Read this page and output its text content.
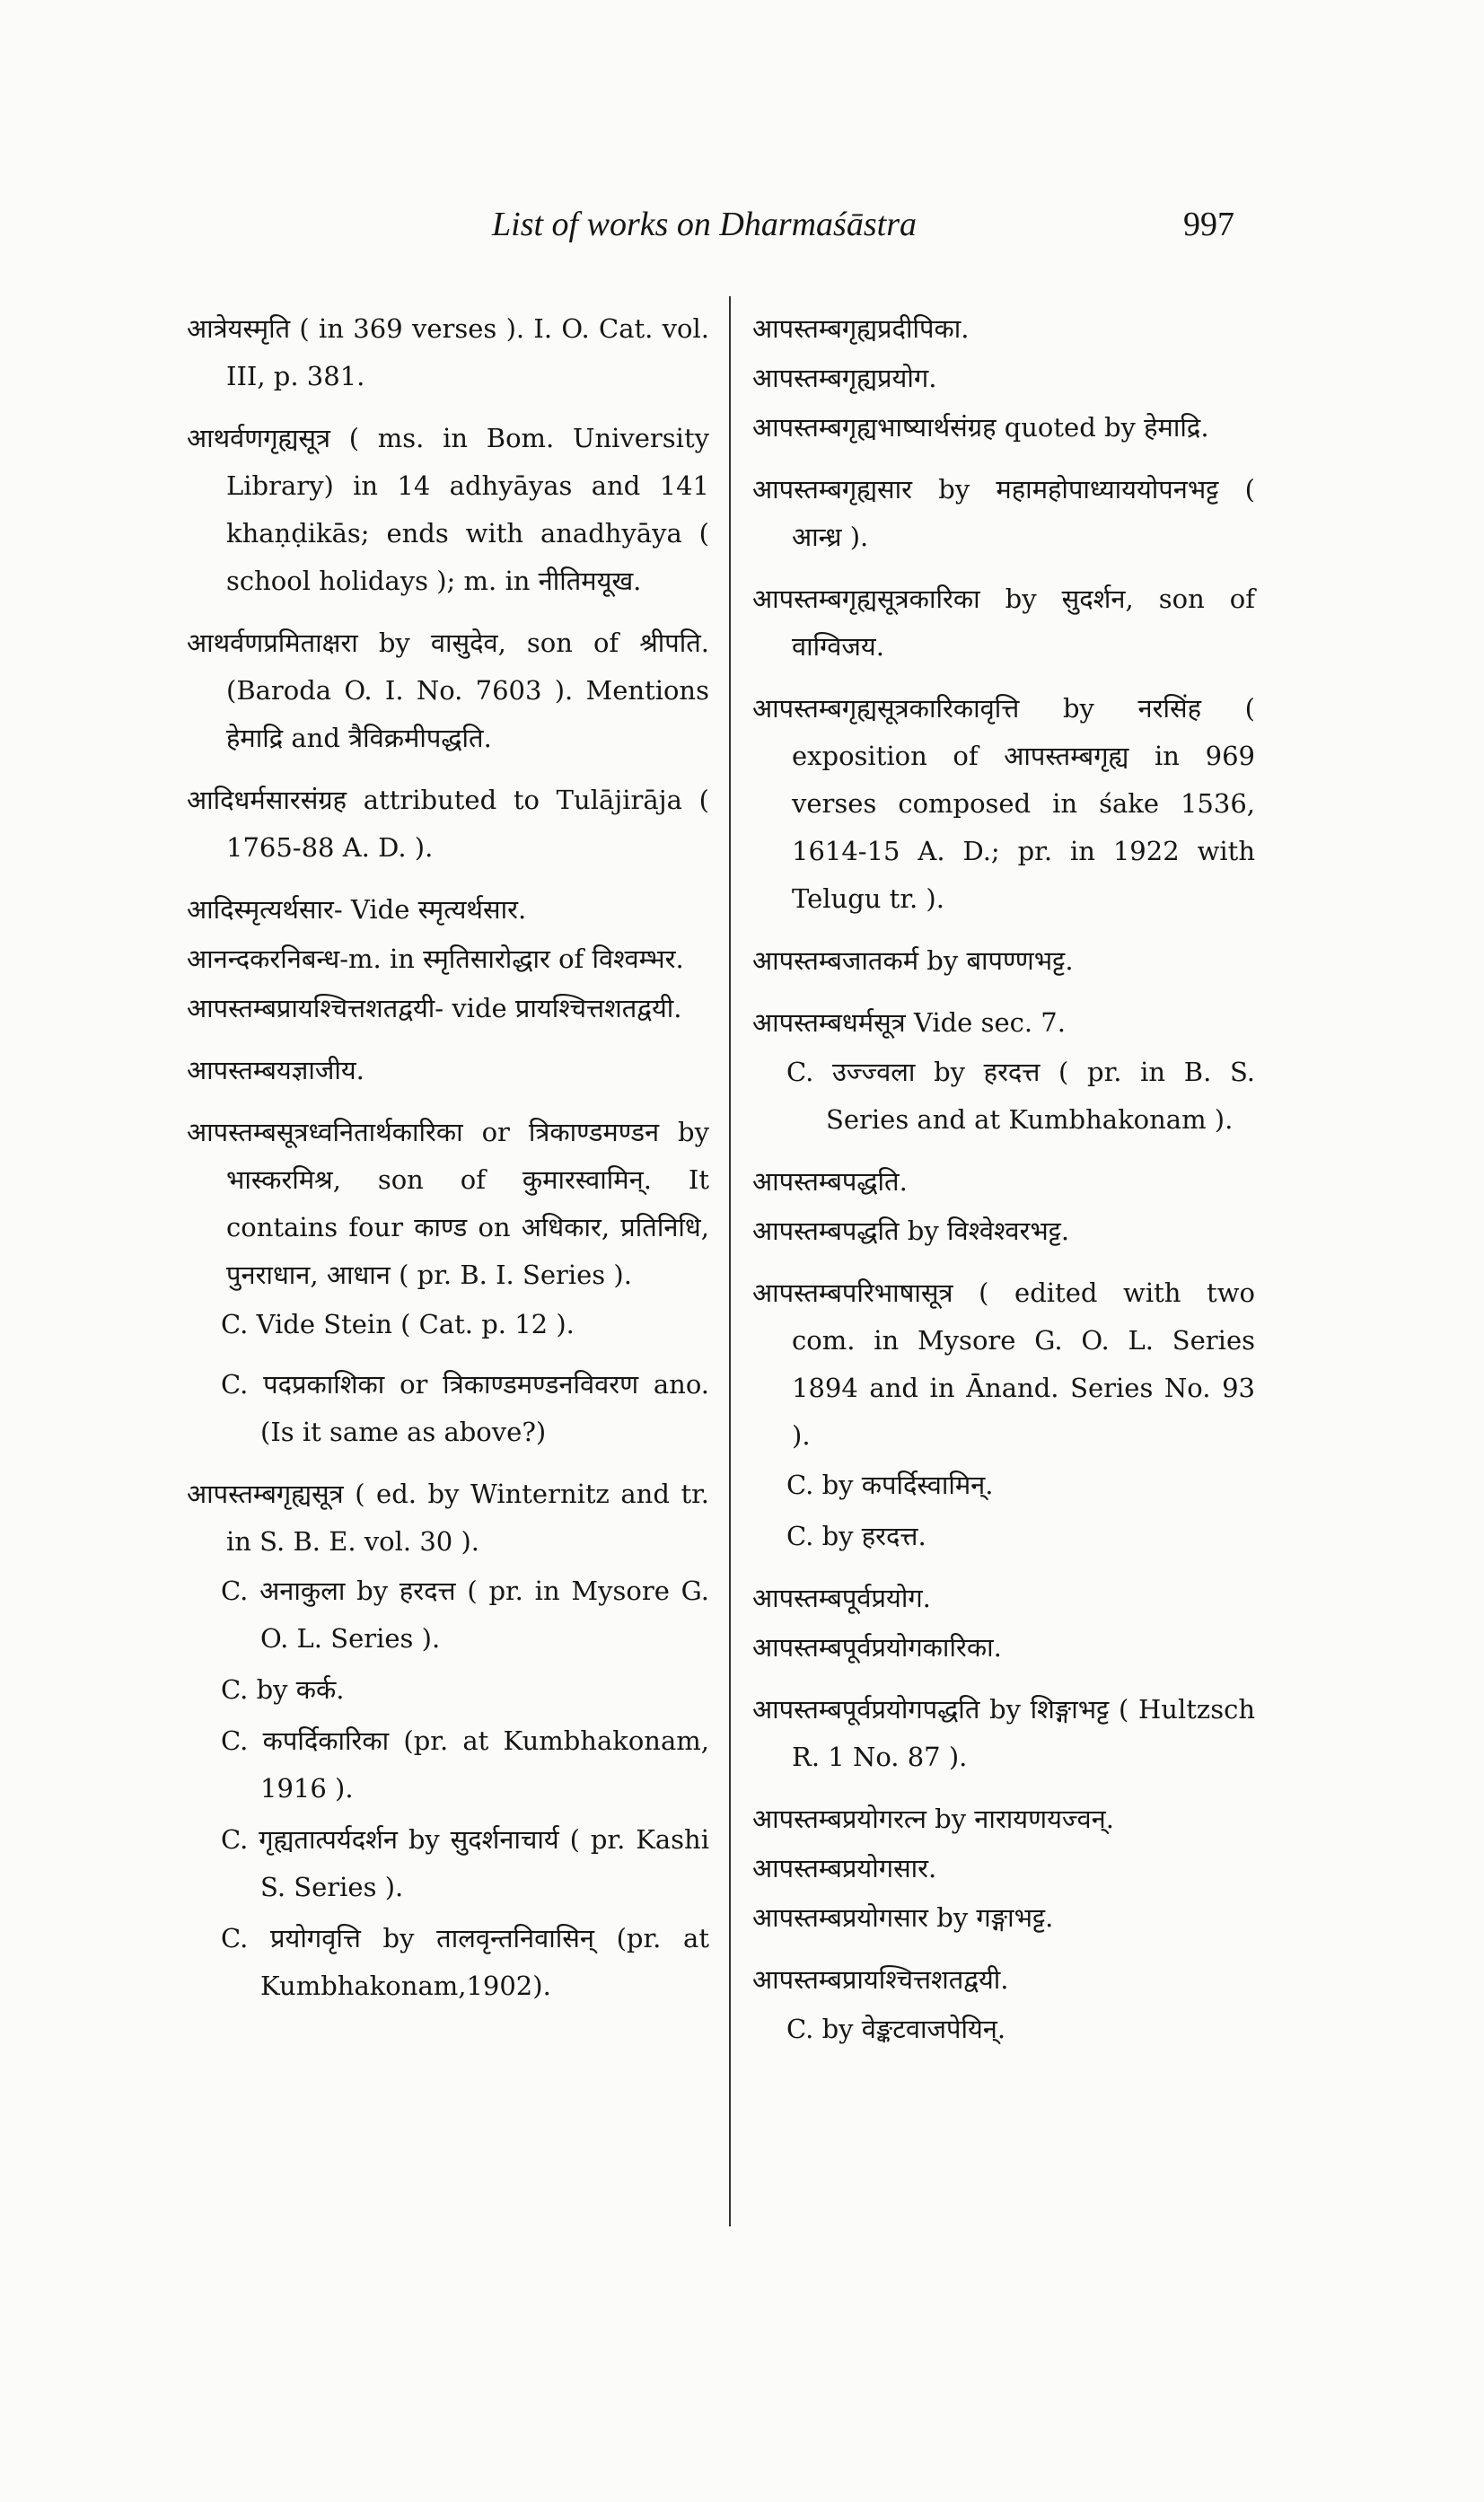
List of works on Dharmaśāstra	997
आत्रेयस्मृति ( in 369 verses ). I. O. Cat. vol. III, p. 381.
आथर्वणगृह्यसूत्र ( ms. in Bom. University Library) in 14 adhyāyas and 141 khaṇḍikās; ends with anadhyāya ( school holidays ); m. in नीतिमयूख.
आथर्वणप्रमिताक्षरा by वासुदेव, son of श्रीपति. (Baroda O. I. No. 7603 ). Mentions हेमाद्रि and त्रैविक्रमीपद्धति.
आदिधर्मसारसंग्रह attributed to Tulājirāja ( 1765-88 A. D. ).
आदिस्मृत्यर्थसार- Vide स्मृत्यर्थसार.
आनन्दकरनिबन्ध-m. in स्मृतिसारोद्धार of विश्वम्भर.
आपस्तम्बप्रायश्चित्तशतद्वयी- vide प्रायश्चित्तशतद्वयी.
आपस्तम्बयज्ञाजीय.
आपस्तम्बसूत्रध्वनितार्थकारिका or त्रिकाण्डमण्डन by भास्करमिश्र, son of कुमारस्वामिन्. It contains four काण्ड on अधिकार, प्रतिनिधि, पुनराधान, आधान ( pr. B. I. Series ).
C. Vide Stein ( Cat. p. 12 ).
C. पदप्रकाशिका or त्रिकाण्डमण्डनविवरण ano. (Is it same as above?)
आपस्तम्बगृह्यसूत्र ( ed. by Winternitz and tr. in S. B. E. vol. 30 ).
C. अनाकुला by हरदत्त ( pr. in Mysore G. O. L. Series ).
C. by कर्क.
C. कपर्दिकारिका (pr. at Kumbhakonam, 1916 ).
C. गृह्यतात्पर्यदर्शन by सुदर्शनाचार्य ( pr. Kashi S. Series ).
C. प्रयोगवृत्ति by तालवृन्तनिवासिन् (pr. at Kumbhakonam,1902).
आपस्तम्बगृह्यप्रदीपिका.
आपस्तम्बगृह्यप्रयोग.
आपस्तम्बगृह्यभाष्यार्थसंग्रह quoted by हेमाद्रि.
आपस्तम्बगृह्यसार by महामहोपाध्याययोपनभट्ट ( आन्ध्र ).
आपस्तम्बगृह्यसूत्रकारिका by सुदर्शन, son of वाग्विजय.
आपस्तम्बगृह्यसूत्रकारिकावृत्ति by नरसिंह ( exposition of आपस्तम्बगृह्य in 969 verses composed in śake 1536, 1614-15 A. D.; pr. in 1922 with Telugu tr. ).
आपस्तम्बजातकर्म by बापण्णभट्ट.
आपस्तम्बधर्मसूत्र Vide sec. 7.
C. उज्ज्वला by हरदत्त ( pr. in B. S. Series and at Kumbhakonam ).
आपस्तम्बपद्धति.
आपस्तम्बपद्धति by विश्वेश्वरभट्ट.
आपस्तम्बपरिभाषासूत्र ( edited with two com. in Mysore G. O. L. Series 1894 and in Ānand. Series No. 93 ).
C. by कपर्दिस्वामिन्.
C. by हरदत्त.
आपस्तम्बपूर्वप्रयोग.
आपस्तम्बपूर्वप्रयोगकारिका.
आपस्तम्बपूर्वप्रयोगपद्धति by शिङ्गाभट्ट ( Hultzsch R. 1 No. 87 ).
आपस्तम्बप्रयोगरत्न by नारायणयज्वन्.
आपस्तम्बप्रयोगसार.
आपस्तम्बप्रयोगसार by गङ्गाभट्ट.
आपस्तम्बप्रायश्चित्तशतद्वयी.
C. by वेङ्कटवाजपेयिन्.
